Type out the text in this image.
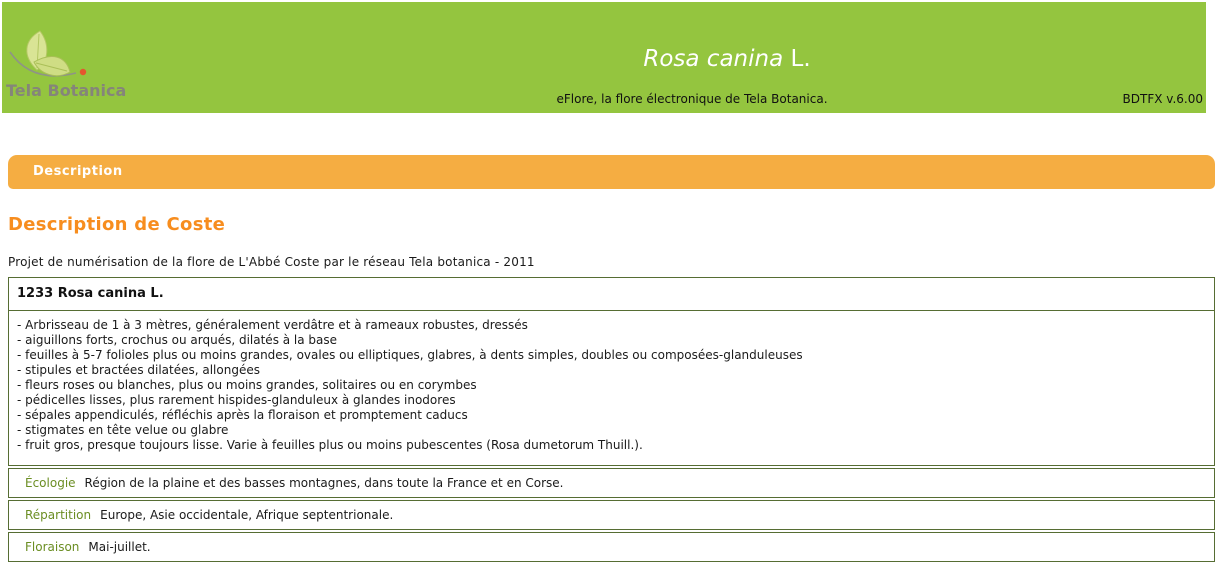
Tela Botanica
Rosa canina L.
eFlore, la flore électronique de Tela Botanica.	BDTFX v.6.00
Description
Description de Coste
Projet de numérisation de la flore de L'Abbé Coste par le réseau Tela botanica - 2011
1233 Rosa canina L.
- Arbrisseau de 1 à 3 mètres, généralement verdâtre et à rameaux robustes, dressés
- aiguillons forts, crochus ou arqués, dilatés à la base
- feuilles à 5-7 folioles plus ou moins grandes, ovales ou elliptiques, glabres, à dents simples, doubles ou composées-glanduleuses
- stipules et bractées dilatées, allongées
- fleurs roses ou blanches, plus ou moins grandes, solitaires ou en corymbes
- pédicelles lisses, plus rarement hispides-glanduleux à glandes inodores
- sépales appendiculés, réfléchis après la floraison et promptement caducs
- stigmates en tête velue ou glabre
- fruit gros, presque toujours lisse. Varie à feuilles plus ou moins pubescentes (Rosa dumetorum Thuill.).
Écologie Région de la plaine et des basses montagnes, dans toute la France et en Corse.
Répartition Europe, Asie occidentale, Afrique septentrionale.
Floraison Mai-juillet.
